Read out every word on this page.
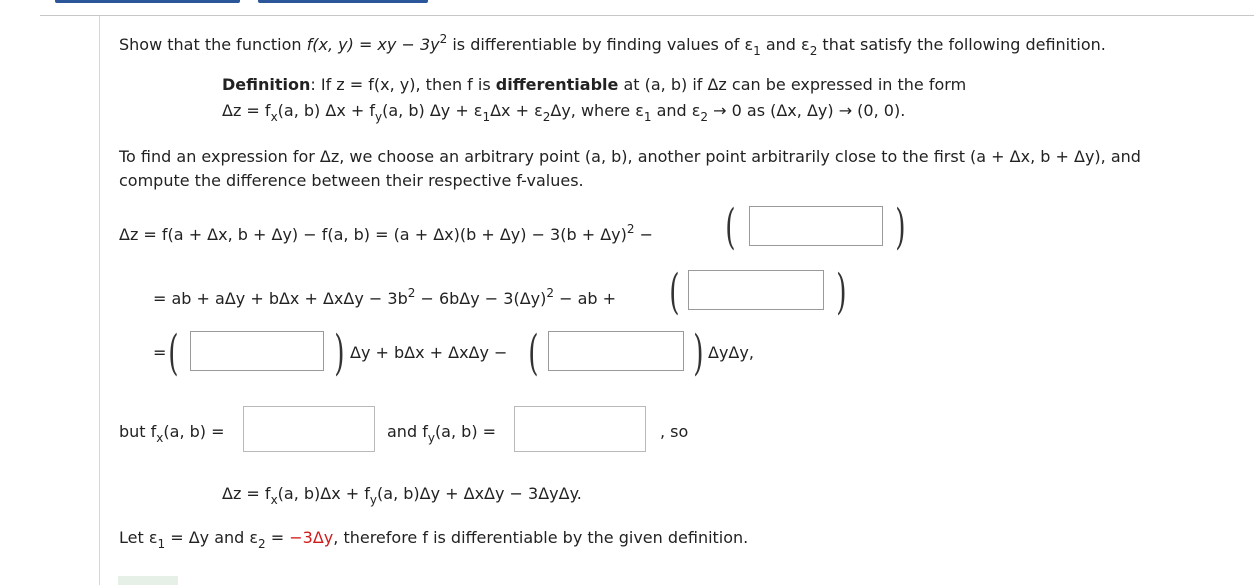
Show that the function f(x, y) = xy − $3y^2$ is differentiable by finding values of $\varepsilon_1$ and $\varepsilon_2$ that satisfy the following definition.
Definition: If z = f(x, y), then f is differentiable at (a, b) if Δz can be expressed in the form
$\Delta z = f_x(a$, b) $\Delta x + f_y(a$, b) $\Delta y + \varepsilon_1\Delta x + \varepsilon_2\Delta y$, where $\varepsilon_1$ and $\varepsilon_2 \to 0$ as (Δx, Δy) → (0, 0).
To find an expression for Δz, we choose an arbitrary point (a, b), another point arbitrarily close to the first (a + Δx, b + Δy), and
compute the difference between their respective f-values.
Δz = f(a + Δx, b + Δy) − f(a, $b) = (a + \Delta x)(b + \Delta y) - 3(b + \Delta y)^2$ − (	)
= ab + $a\Delta y + b\Delta x + \Delta x\Delta y - 3b^2 - 6b\Delta y - 3(\Delta y)^2$ − ab + (	)
= (	) Δy + bΔx + ΔxΔy − (	) ΔyΔy,
but $f_x(a$, b) =	and $f_y(a$, b) =	, so
$\Delta z = f_x(a$, $b)\Delta x + f_y(a$, b)Δy + ΔxΔy − 3ΔyΔy.
Let $\varepsilon_1 = \Delta y$ and $\varepsilon_2 = -3\Delta y$, therefore f is differentiable by the given definition.
